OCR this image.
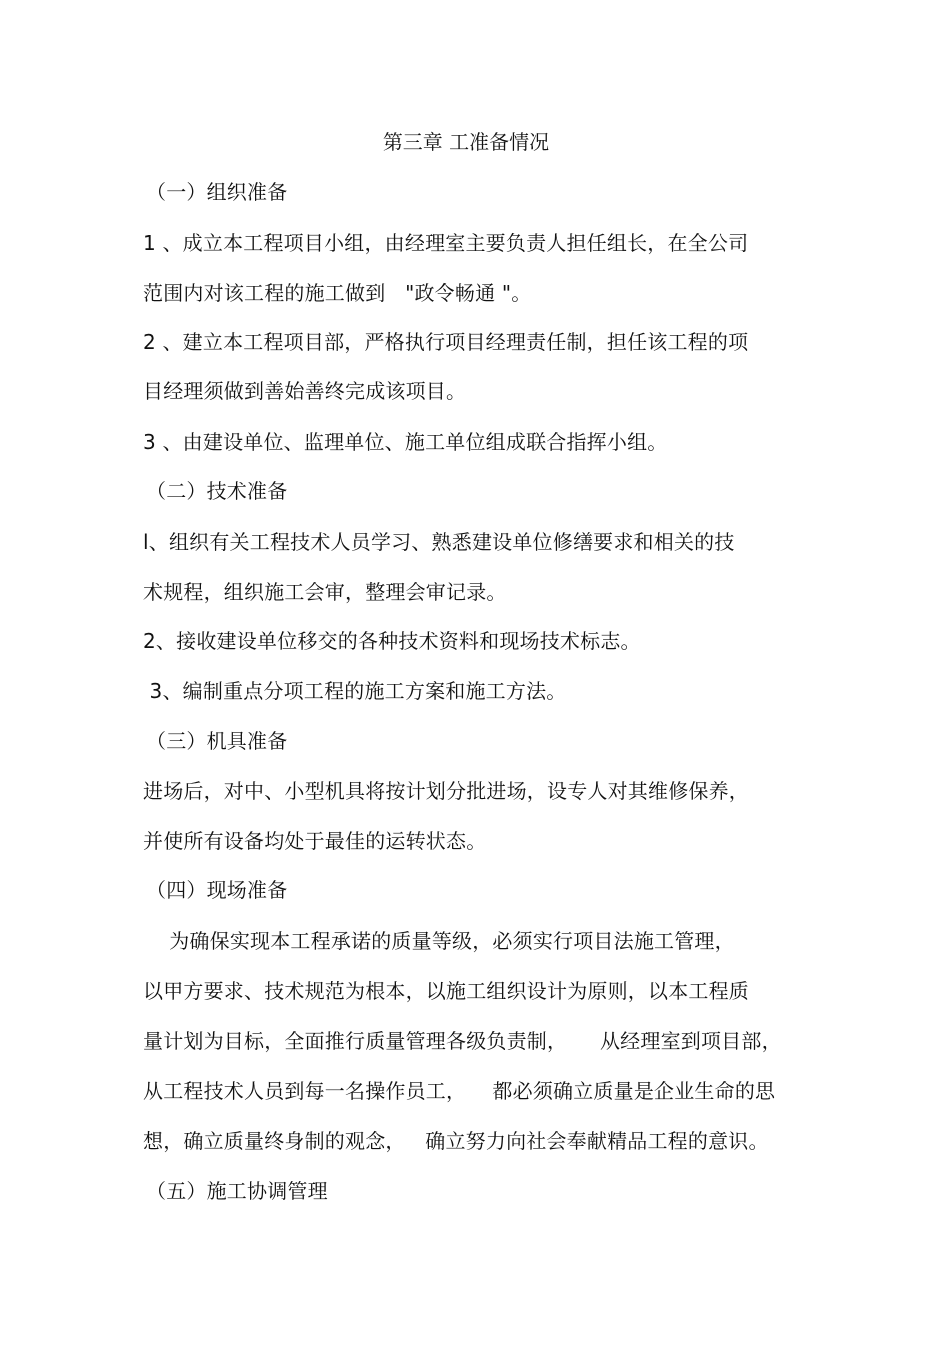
第三章 工准备情况
（一）组织准备
1 、成立本工程项目小组，由经理室主要负责人担任组长，在全公司
范围内对该工程的施工做到   "政令畅通 "。
2 、建立本工程项目部，严格执行项目经理责任制，担任该工程的项
目经理须做到善始善终完成该项目。
3 、由建设单位、监理单位、施工单位组成联合指挥小组。
（二）技术准备
l、组织有关工程技术人员学习、熟悉建设单位修缮要求和相关的技
术规程，组织施工会审，整理会审记录。
2、接收建设单位移交的各种技术资料和现场技术标志。
3、编制重点分项工程的施工方案和施工方法。
（三）机具准备
进场后，对中、小型机具将按计划分批进场，设专人对其维修保养，
并使所有设备均处于最佳的运转状态。
（四）现场准备
为确保实现本工程承诺的质量等级，必须实行项目法施工管理，
以甲方要求、技术规范为根本，以施工组织设计为原则，以本工程质
量计划为目标，全面推行质量管理各级负责制，     从经理室到项目部，
从工程技术人员到每一名操作员工，    都必须确立质量是企业生命的思
想，确立质量终身制的观念，   确立努力向社会奉献精品工程的意识。
（五）施工协调管理
